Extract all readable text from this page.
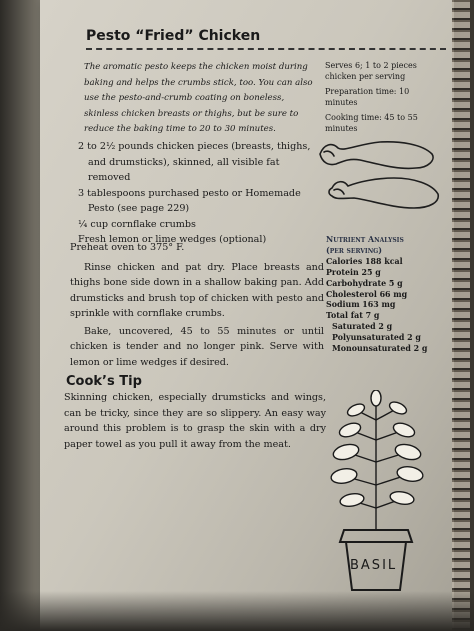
Pesto “Fried” Chicken
The aromatic pesto keeps the chicken moist during baking and helps the crumbs stick, too. You can also use the pesto-and-crumb coating on boneless, skinless chicken breasts or thighs, but be sure to reduce the baking time to 20 to 30 minutes.
Serves 6; 1 to 2 pieces chicken per serving
Preparation time: 10 minutes
Cooking time: 45 to 55 minutes
2 to 2½ pounds chicken pieces (breasts, thighs,
and drumsticks), skinned, all visible fat
removed
3 tablespoons purchased pesto or Homemade
Pesto (see page 229)
¼ cup cornflake crumbs
Fresh lemon or lime wedges (optional)

Preheat oven to 375° F.

Rinse chicken and pat dry. Place breasts and thighs bone side down in a shallow baking pan. Add drumsticks and brush top of chicken with pesto and sprinkle with cornflake crumbs.

Bake, uncovered, 45 to 55 minutes or until chicken is tender and no longer pink. Serve with lemon or lime wedges if desired.

Nutrient Analysis
(per serving)
Calories 188 kcal
Protein 25 g
Carbohydrate 5 g
Cholesterol 66 mg
Sodium 163 mg
Total fat 7 g
Saturated 2 g
Polyunsaturated 2 g
Monounsaturated 2 g
Cook’s Tip
Skinning chicken, especially drumsticks and wings, can be tricky, since they are so slippery. An easy way around this problem is to grasp the skin with a dry paper towel as you pull it away from the meat.
BASIL
